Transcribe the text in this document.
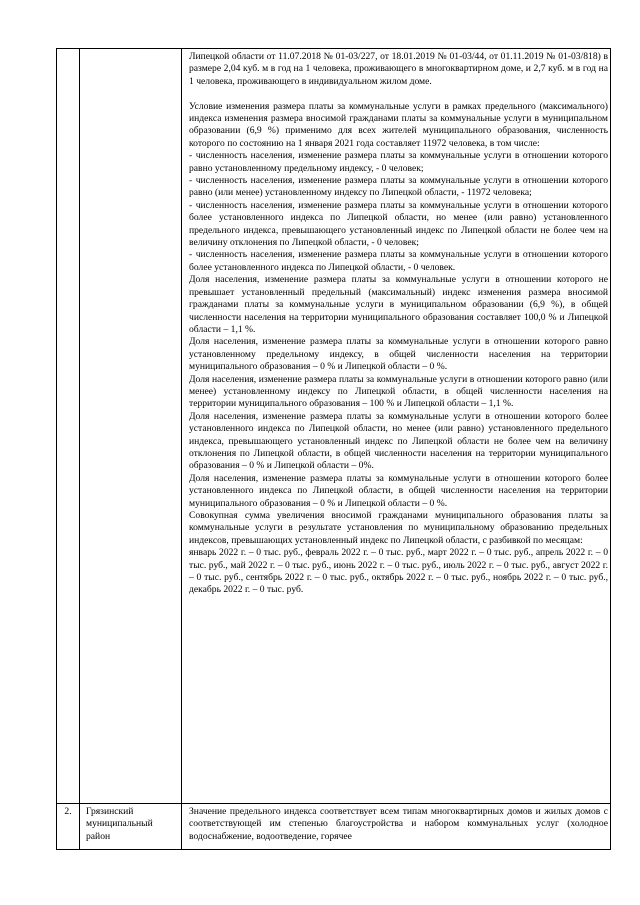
Липецкой области от 11.07.2018 № 01-03/227, от 18.01.2019 № 01-03/44, от 01.11.2019 № 01-03/818) в размере 2,04 куб. м в год на 1 человека, проживающего в многоквартирном доме, и 2,7 куб. м в год на 1 человека, проживающего в индивидуальном жилом доме.

Условие изменения размера платы за коммунальные услуги в рамках предельного (максимального) индекса изменения размера вносимой гражданами платы за коммунальные услуги в муниципальном образовании (6,9 %) применимо для всех жителей муниципального образования, численность которого по состоянию на 1 января 2021 года составляет 11972 человека, в том числе:

- численность населения, изменение размера платы за коммунальные услуги в отношении которого равно установленному предельному индексу, - 0 человек;

- численность населения, изменение размера платы за коммунальные услуги в отношении которого равно (или менее) установленному индексу по Липецкой области, - 11972 человека;

- численность населения, изменение размера платы за коммунальные услуги в отношении которого более установленного индекса по Липецкой области, но менее (или равно) установленного предельного индекса, превышающего установленный индекс по Липецкой области не более чем на величину отклонения по Липецкой области, - 0 человек;

- численность населения, изменение размера платы за коммунальные услуги в отношении которого более установленного индекса по Липецкой области, - 0 человек.

Доля населения, изменение размера платы за коммунальные услуги в отношении которого не превышает установленный предельный (максимальный) индекс изменения размера вносимой гражданами платы за коммунальные услуги в муниципальном образовании (6,9 %), в общей численности населения на территории муниципального образования составляет 100,0 % и Липецкой области – 1,1 %.

Доля населения, изменение размера платы за коммунальные услуги в отношении которого равно установленному предельному индексу, в общей численности населения на территории муниципального образования – 0 % и Липецкой области – 0 %.

Доля населения, изменение размера платы за коммунальные услуги в отношении которого равно (или менее) установленному индексу по Липецкой области, в общей численности населения на территории муниципального образования – 100 % и Липецкой области – 1,1 %.

Доля населения, изменение размера платы за коммунальные услуги в отношении которого более установленного индекса по Липецкой области, но менее (или равно) установленного предельного индекса, превышающего установленный индекс по Липецкой области не более чем на величину отклонения по Липецкой области, в общей численности населения на территории муниципального образования – 0 % и Липецкой области – 0%.

Доля населения, изменение размера платы за коммунальные услуги в отношении которого более установленного индекса по Липецкой области, в общей численности населения на территории муниципального образования – 0 % и Липецкой области – 0 %.

Совокупная сумма увеличения вносимой гражданами муниципального образования платы за коммунальные услуги в результате установления по муниципальному образованию предельных индексов, превышающих установленный индекс по Липецкой области, с разбивкой по месяцам:

январь 2022 г. – 0 тыс. руб., февраль 2022 г. – 0 тыс. руб., март 2022 г. – 0 тыс. руб., апрель 2022 г. – 0 тыс. руб., май 2022 г. – 0 тыс. руб., июнь 2022 г. – 0 тыс. руб., июль 2022 г. – 0 тыс. руб., август 2022 г. – 0 тыс. руб., сентябрь 2022 г. – 0 тыс. руб., октябрь 2022 г. – 0 тыс. руб., ноябрь 2022 г. – 0 тыс. руб., декабрь 2022 г. – 0 тыс. руб.

2.	Грязинский муниципальный район

Значение предельного индекса соответствует всем типам многоквартирных домов и жилых домов с соответствующей им степенью благоустройства и набором коммунальных услуг (холодное водоснабжение, водоотведение, горячее
